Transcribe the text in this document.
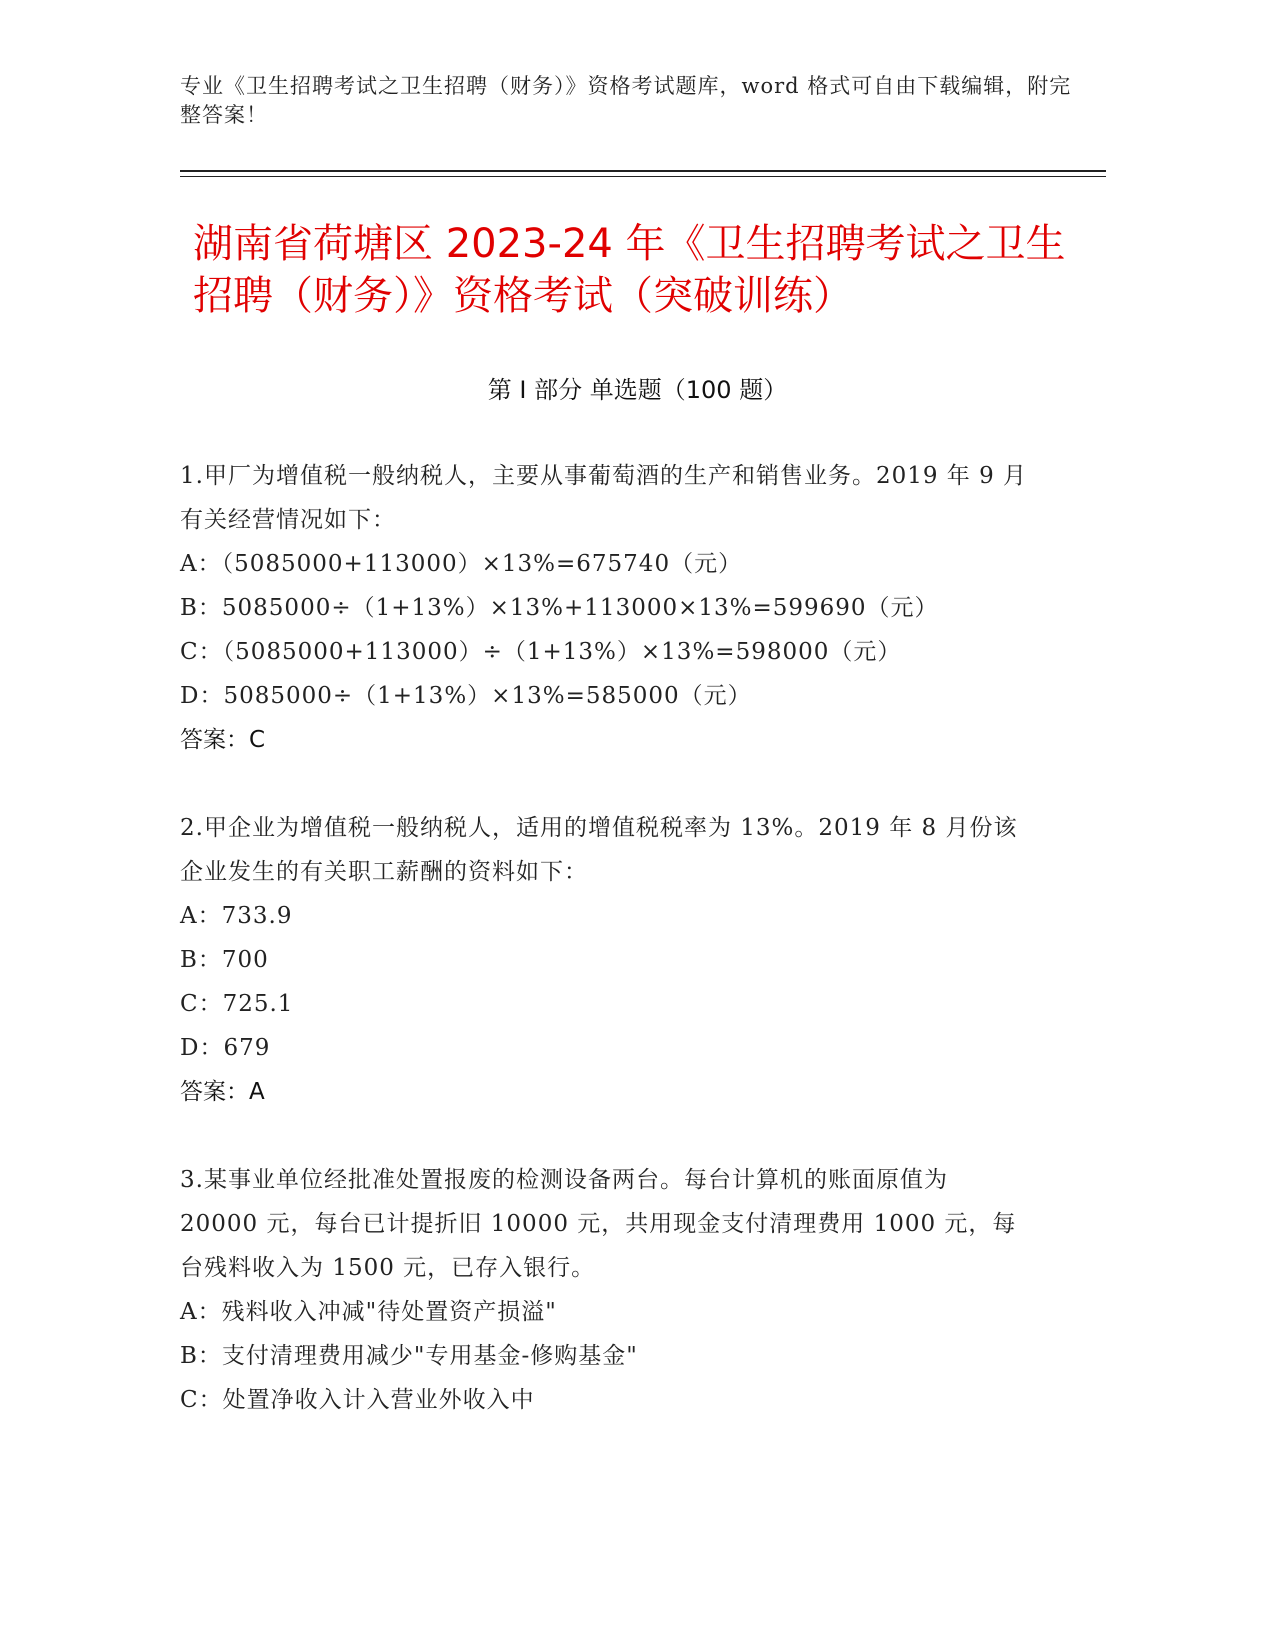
专业《卫生招聘考试之卫生招聘（财务）》资格考试题库，word 格式可自由下载编辑，附完整答案！
湖南省荷塘区 2023-24 年《卫生招聘考试之卫生招聘（财务）》资格考试（突破训练）
第 I 部分 单选题（100 题）
1.甲厂为增值税一般纳税人，主要从事葡萄酒的生产和销售业务。2019 年 9 月有关经营情况如下：
A：（5085000+113000）×13%=675740（元）
B：5085000÷（1+13%）×13%+113000×13%=599690（元）
C：（5085000+113000）÷（1+13%）×13%=598000（元）
D：5085000÷（1+13%）×13%=585000（元）
答案：C
2.甲企业为增值税一般纳税人，适用的增值税税率为 13%。2019 年 8 月份该企业发生的有关职工薪酬的资料如下：
A：733.9
B：700
C：725.1
D：679
答案：A
3.某事业单位经批准处置报废的检测设备两台。每台计算机的账面原值为 20000 元，每台已计提折旧 10000 元，共用现金支付清理费用 1000 元，每台残料收入为 1500 元，已存入银行。
A：残料收入冲减"待处置资产损溢"
B：支付清理费用减少"专用基金-修购基金"
C：处置净收入计入营业外收入中
